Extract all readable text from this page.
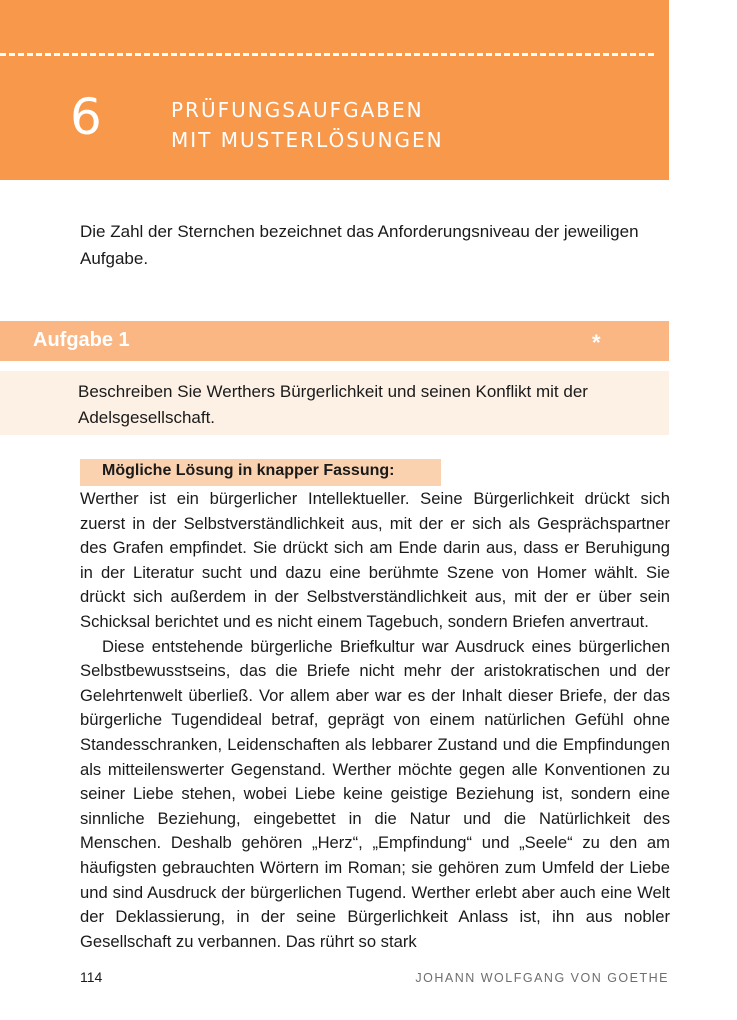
6	PRÜFUNGSAUFGABEN
MIT MUSTERLÖSUNGEN
Die Zahl der Sternchen bezeichnet das Anforderungsniveau der jeweiligen Aufgabe.
Aufgabe 1	*
Beschreiben Sie Werthers Bürgerlichkeit und seinen Konflikt mit der Adelsgesellschaft.
Mögliche Lösung in knapper Fassung:

Werther ist ein bürgerlicher Intellektueller. Seine Bürgerlichkeit drückt sich zuerst in der Selbstverständlichkeit aus, mit der er sich als Gesprächspartner des Grafen empfindet. Sie drückt sich am Ende darin aus, dass er Beruhigung in der Literatur sucht und dazu eine berühmte Szene von Homer wählt. Sie drückt sich außerdem in der Selbstverständlichkeit aus, mit der er über sein Schicksal berichtet und es nicht einem Tagebuch, sondern Briefen anvertraut.

Diese entstehende bürgerliche Briefkultur war Ausdruck eines bürgerlichen Selbstbewusstseins, das die Briefe nicht mehr der aristokratischen und der Gelehrtenwelt überließ. Vor allem aber war es der Inhalt dieser Briefe, der das bürgerliche Tugendideal betraf, geprägt von einem natürlichen Gefühl ohne Standesschranken, Leidenschaften als lebbarer Zustand und die Empfindungen als mitteilenswerter Gegenstand. Werther möchte gegen alle Konventionen zu seiner Liebe stehen, wobei Liebe keine geistige Beziehung ist, sondern eine sinnliche Beziehung, eingebettet in die Natur und die Natürlichkeit des Menschen. Deshalb gehören „Herz“, „Empfindung“ und „Seele“ zu den am häufigsten gebrauchten Wörtern im Roman; sie gehören zum Umfeld der Liebe und sind Ausdruck der bürgerlichen Tugend. Werther erlebt aber auch eine Welt der Deklassierung, in der seine Bürgerlichkeit Anlass ist, ihn aus nobler Gesellschaft zu verbannen. Das rührt so stark

114	JOHANN WOLFGANG VON GOETHE
